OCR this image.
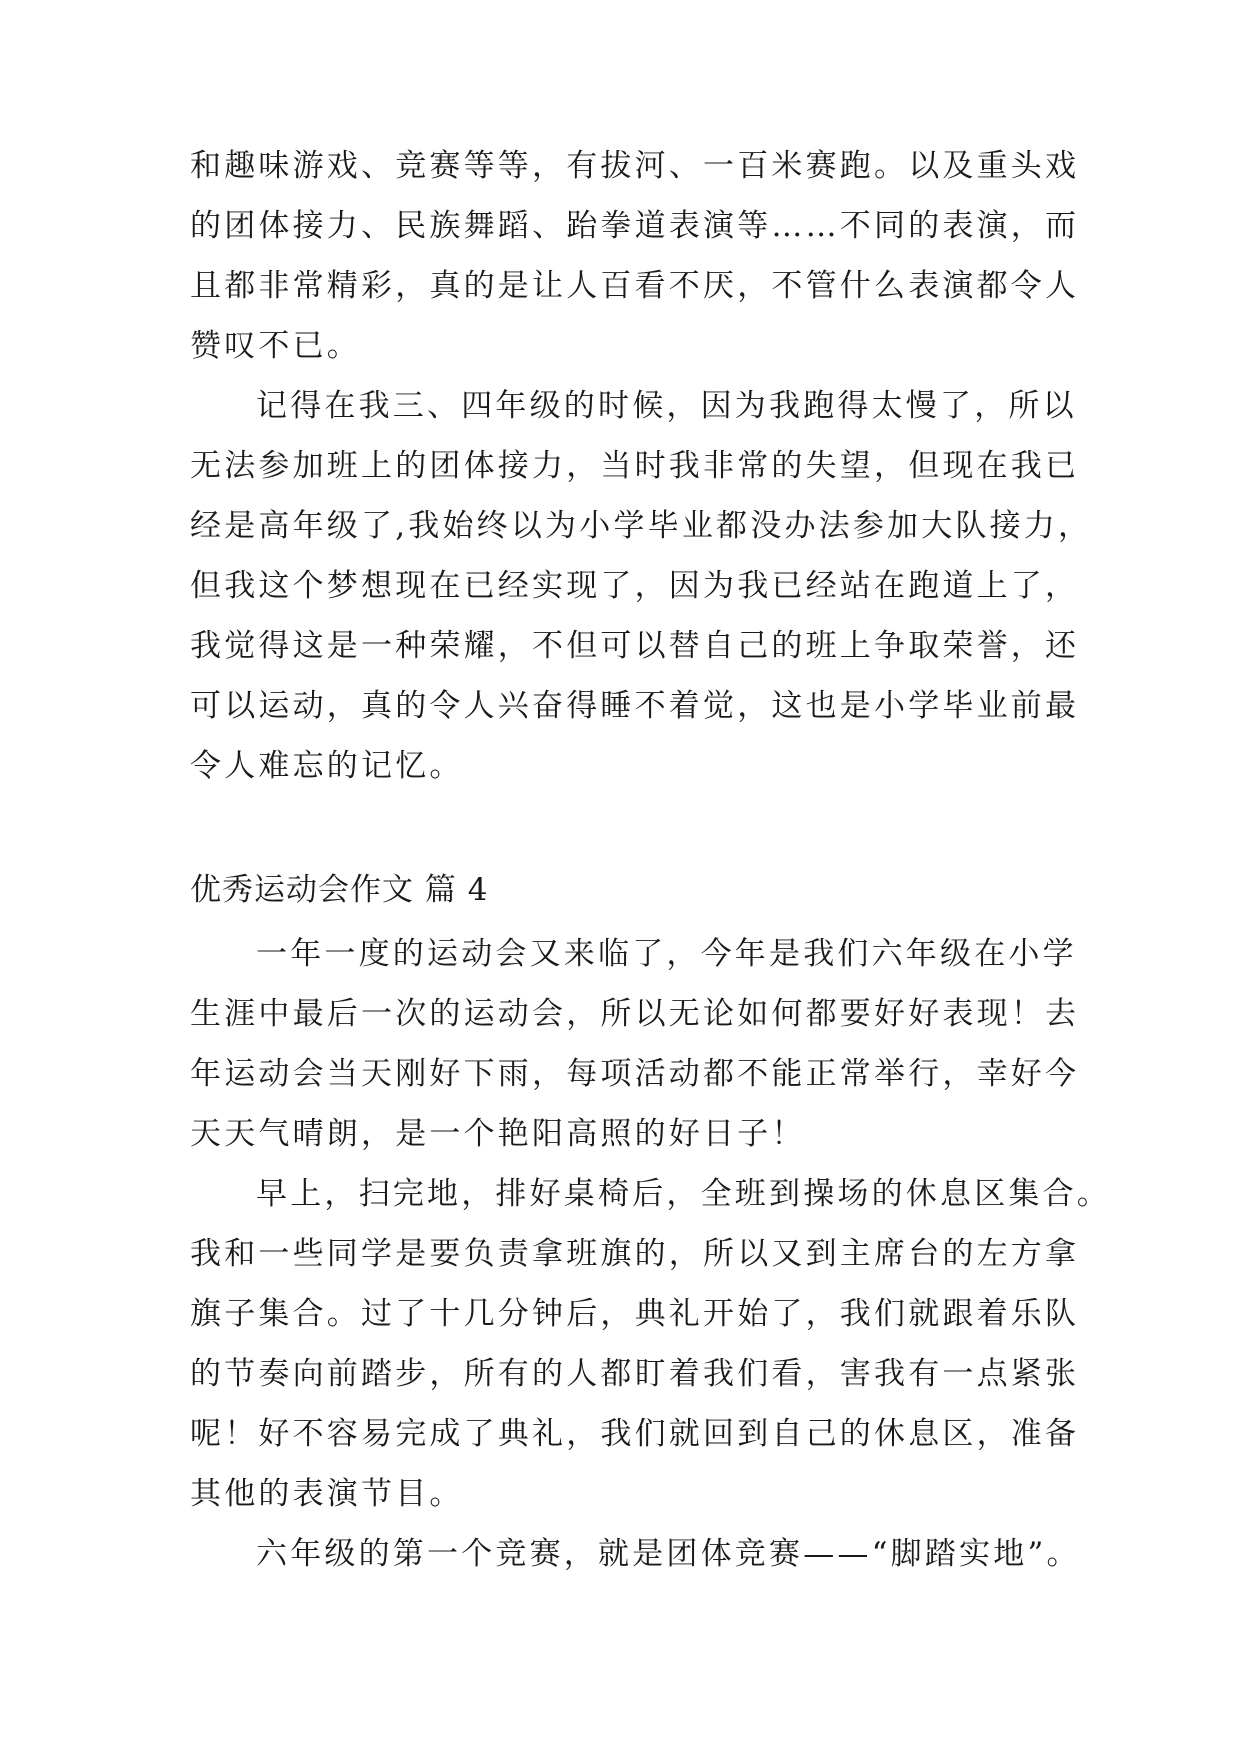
和趣味游戏、竞赛等等，有拔河、一百米赛跑。以及重头戏
的团体接力、民族舞蹈、跆拳道表演等……不同的表演，而
且都非常精彩，真的是让人百看不厌，不管什么表演都令人
赞叹不已。
记得在我三、四年级的时候，因为我跑得太慢了，所以
无法参加班上的团体接力，当时我非常的失望，但现在我已
经是高年级了,我始终以为小学毕业都没办法参加大队接力，
但我这个梦想现在已经实现了，因为我已经站在跑道上了，
我觉得这是一种荣耀，不但可以替自己的班上争取荣誉，还
可以运动，真的令人兴奋得睡不着觉，这也是小学毕业前最
令人难忘的记忆。
优秀运动会作文 篇 4
一年一度的运动会又来临了，今年是我们六年级在小学
生涯中最后一次的运动会，所以无论如何都要好好表现！去
年运动会当天刚好下雨，每项活动都不能正常举行，幸好今
天天气晴朗，是一个艳阳高照的好日子！
早上，扫完地，排好桌椅后，全班到操场的休息区集合。
我和一些同学是要负责拿班旗的，所以又到主席台的左方拿
旗子集合。过了十几分钟后，典礼开始了，我们就跟着乐队
的节奏向前踏步，所有的人都盯着我们看，害我有一点紧张
呢！好不容易完成了典礼，我们就回到自己的休息区，准备
其他的表演节目。
六年级的第一个竞赛，就是团体竞赛——“脚踏实地”。
